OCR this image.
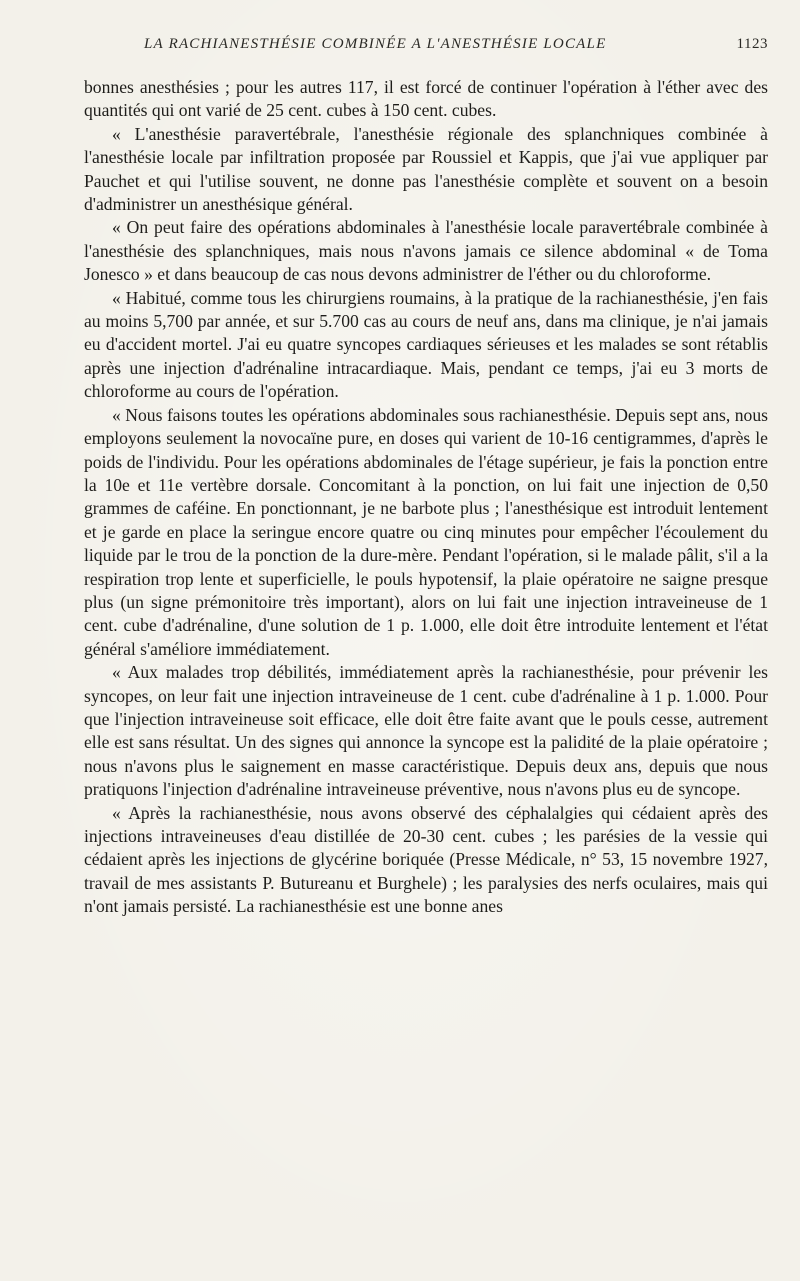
LA RACHIANESTHÉSIE COMBINÉE A L'ANESTHÉSIE LOCALE	1123

bonnes anesthésies ; pour les autres 117, il est forcé de continuer l'opération à l'éther avec des quantités qui ont varié de 25 cent. cubes à 150 cent. cubes.

« L'anesthésie paravertébrale, l'anesthésie régionale des splanchniques combinée à l'anesthésie locale par infiltration proposée par Roussiel et Kappis, que j'ai vue appliquer par Pauchet et qui l'utilise souvent, ne donne pas l'anesthésie complète et souvent on a besoin d'administrer un anesthésique général.

« On peut faire des opérations abdominales à l'anesthésie locale paravertébrale combinée à l'anesthésie des splanchniques, mais nous n'avons jamais ce silence abdominal « de Toma Jonesco » et dans beaucoup de cas nous devons administrer de l'éther ou du chloroforme.

« Habitué, comme tous les chirurgiens roumains, à la pratique de la rachianesthésie, j'en fais au moins 5,700 par année, et sur 5.700 cas au cours de neuf ans, dans ma clinique, je n'ai jamais eu d'accident mortel. J'ai eu quatre syncopes cardiaques sérieuses et les malades se sont rétablis après une injection d'adrénaline intracardiaque. Mais, pendant ce temps, j'ai eu 3 morts de chloroforme au cours de l'opération.

« Nous faisons toutes les opérations abdominales sous rachianesthésie. Depuis sept ans, nous employons seulement la novocaïne pure, en doses qui varient de 10-16 centigrammes, d'après le poids de l'individu. Pour les opérations abdominales de l'étage supérieur, je fais la ponction entre la 10e et 11e vertèbre dorsale. Concomitant à la ponction, on lui fait une injection de 0,50 grammes de caféine. En ponctionnant, je ne barbote plus ; l'anesthésique est introduit lentement et je garde en place la seringue encore quatre ou cinq minutes pour empêcher l'écoulement du liquide par le trou de la ponction de la dure-mère. Pendant l'opération, si le malade pâlit, s'il a la respiration trop lente et superficielle, le pouls hypotensif, la plaie opératoire ne saigne presque plus (un signe prémonitoire très important), alors on lui fait une injection intraveineuse de 1 cent. cube d'adrénaline, d'une solution de 1 p. 1.000, elle doit être introduite lentement et l'état général s'améliore immédiatement.

« Aux malades trop débilités, immédiatement après la rachianesthésie, pour prévenir les syncopes, on leur fait une injection intraveineuse de 1 cent. cube d'adrénaline à 1 p. 1.000. Pour que l'injection intraveineuse soit efficace, elle doit être faite avant que le pouls cesse, autrement elle est sans résultat. Un des signes qui annonce la syncope est la palidité de la plaie opératoire ; nous n'avons plus le saignement en masse caractéristique. Depuis deux ans, depuis que nous pratiquons l'injection d'adrénaline intraveineuse préventive, nous n'avons plus eu de syncope.

« Après la rachianesthésie, nous avons observé des céphalalgies qui cédaient après des injections intraveineuses d'eau distillée de 20-30 cent. cubes ; les parésies de la vessie qui cédaient après les injections de glycérine boriquée (Presse Médicale, n° 53, 15 novembre 1927, travail de mes assistants P. Butureanu et Burghele) ; les paralysies des nerfs oculaires, mais qui n'ont jamais persisté. La rachianesthésie est une bonne anes
